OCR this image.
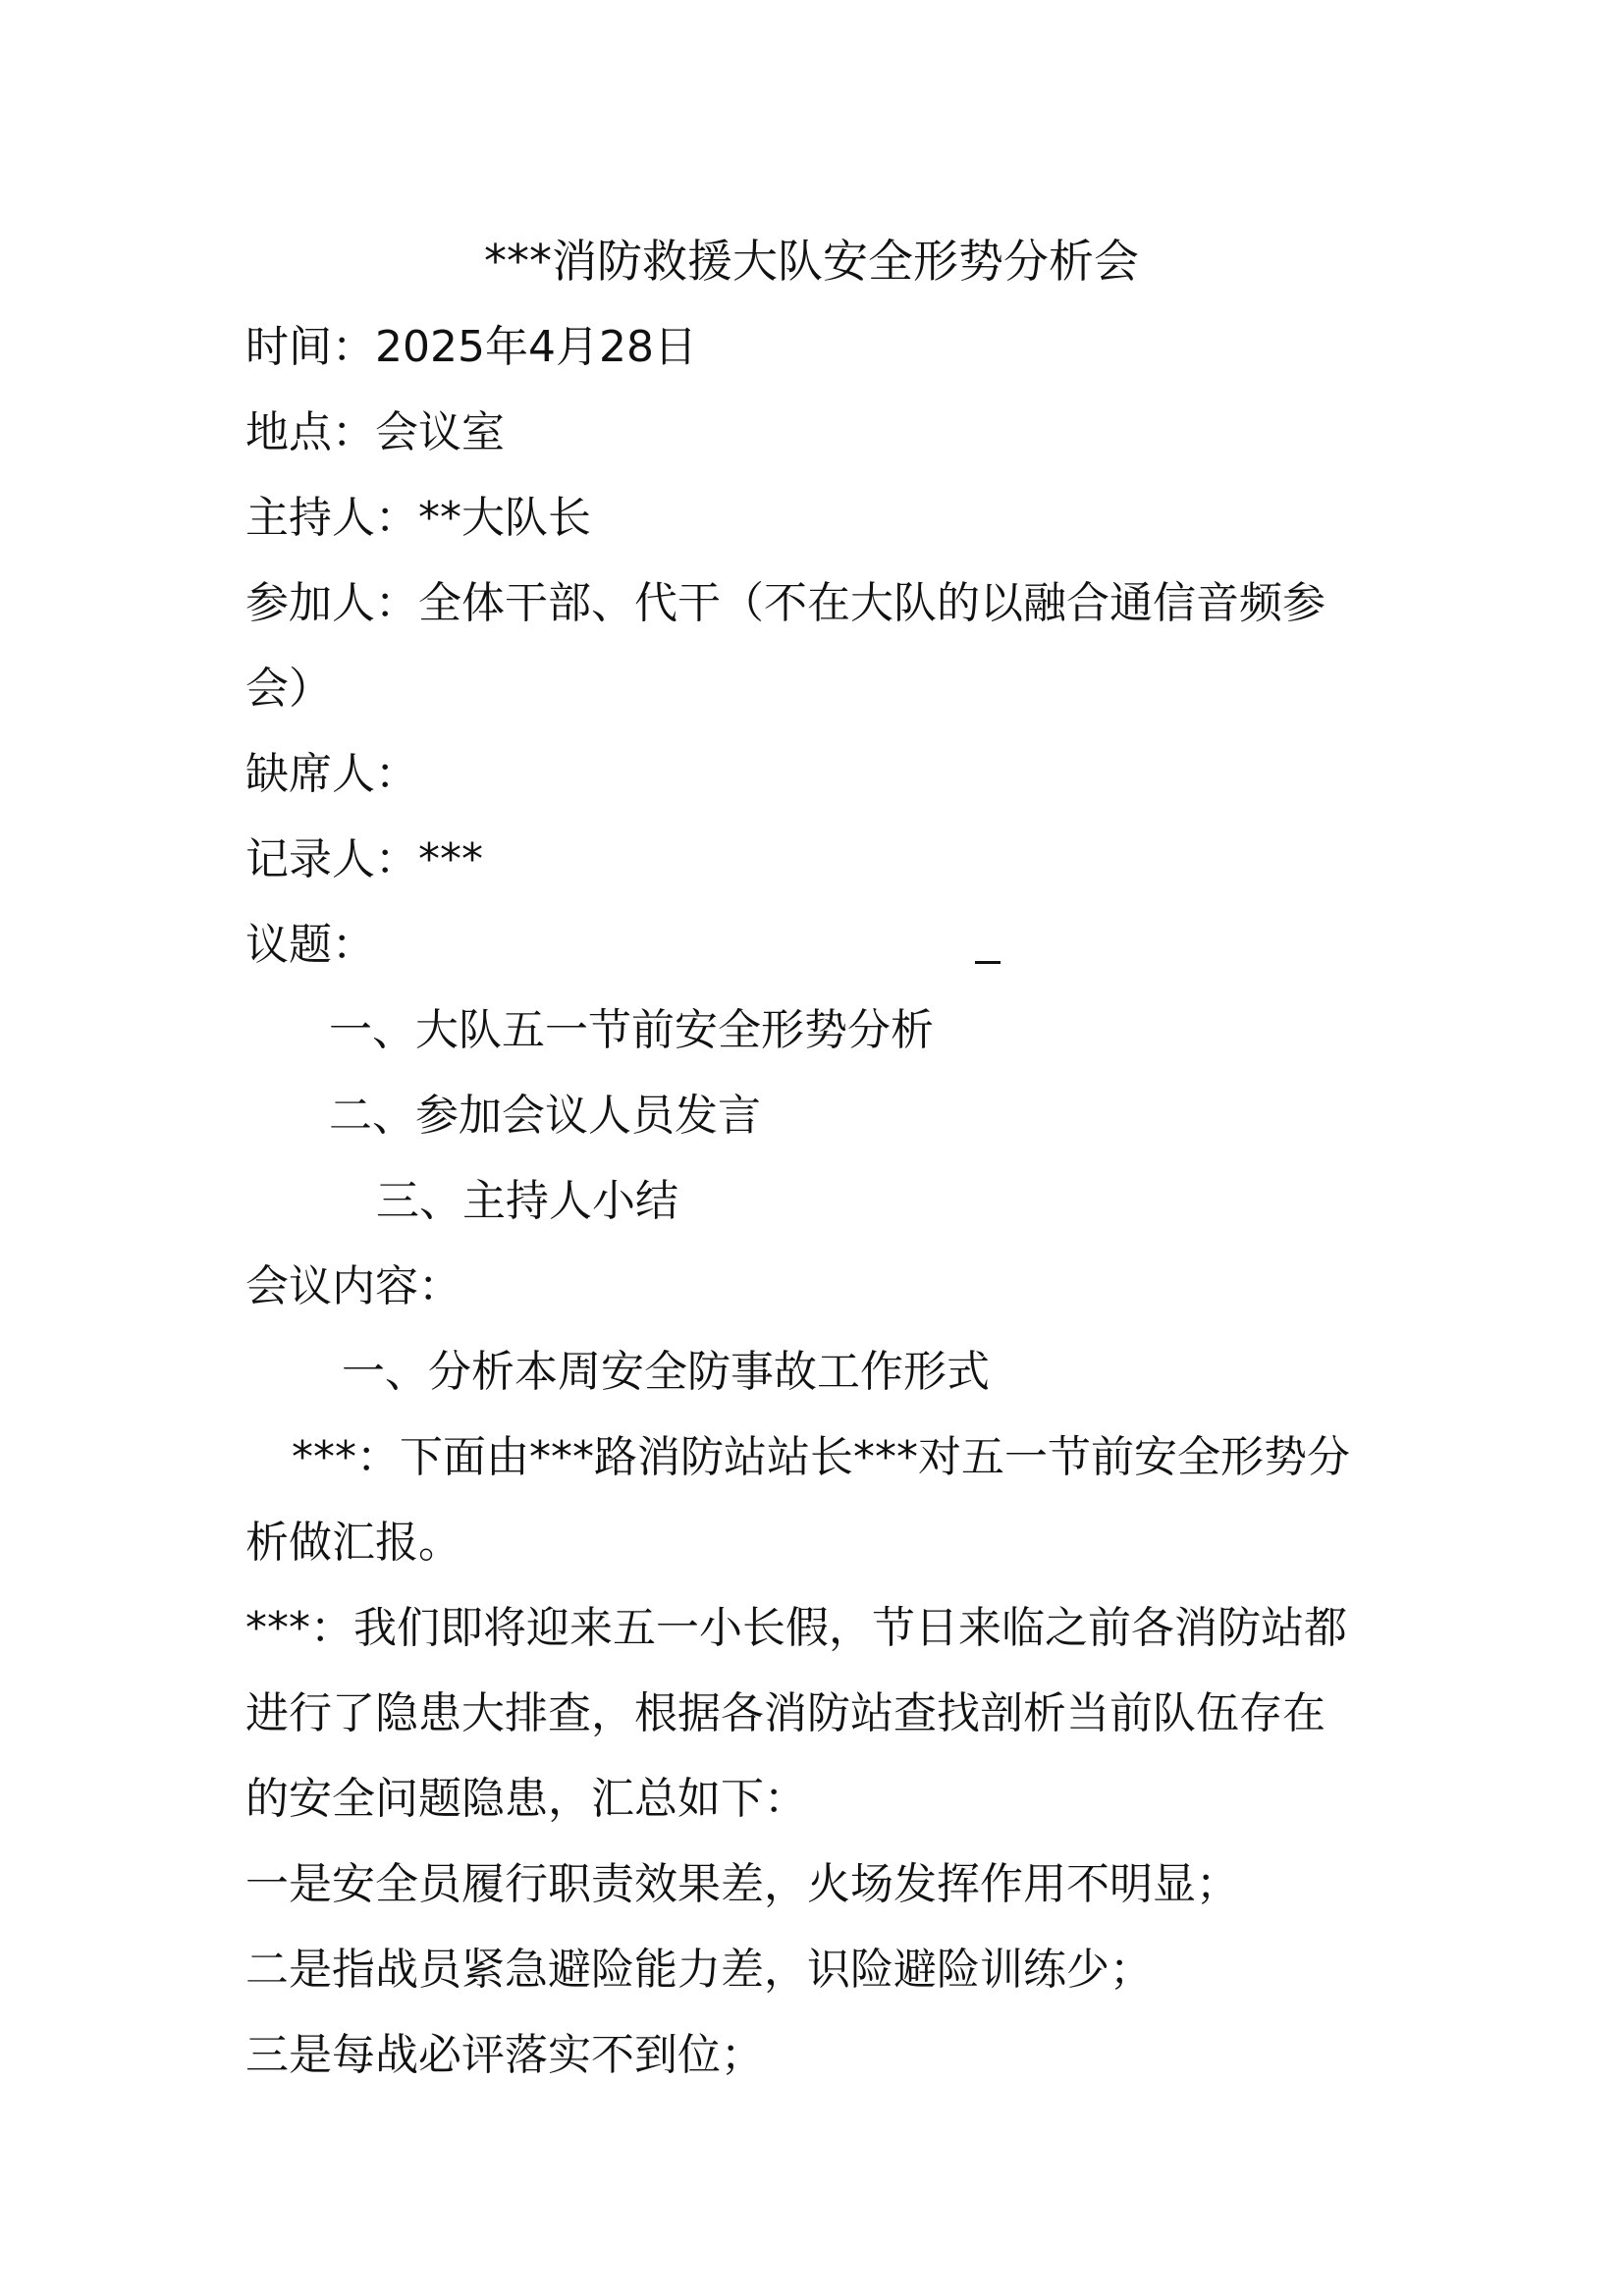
***消防救援大队安全形势分析会
时间：2025年4月28日
地点：会议室
主持人：**大队长
参加人：全体干部、代干（不在大队的以融合通信音频参
会）
缺席人：
记录人：***
议题：
一、大队五一节前安全形势分析
二、参加会议人员发言
三、主持人小结
会议内容：
一、分析本周安全防事故工作形式
***：下面由***路消防站站长***对五一节前安全形势分
析做汇报。
***：我们即将迎来五一小长假，节日来临之前各消防站都
进行了隐患大排查，根据各消防站查找剖析当前队伍存在
的安全问题隐患，汇总如下：
一是安全员履行职责效果差，火场发挥作用不明显；
二是指战员紧急避险能力差，识险避险训练少；
三是每战必评落实不到位；
